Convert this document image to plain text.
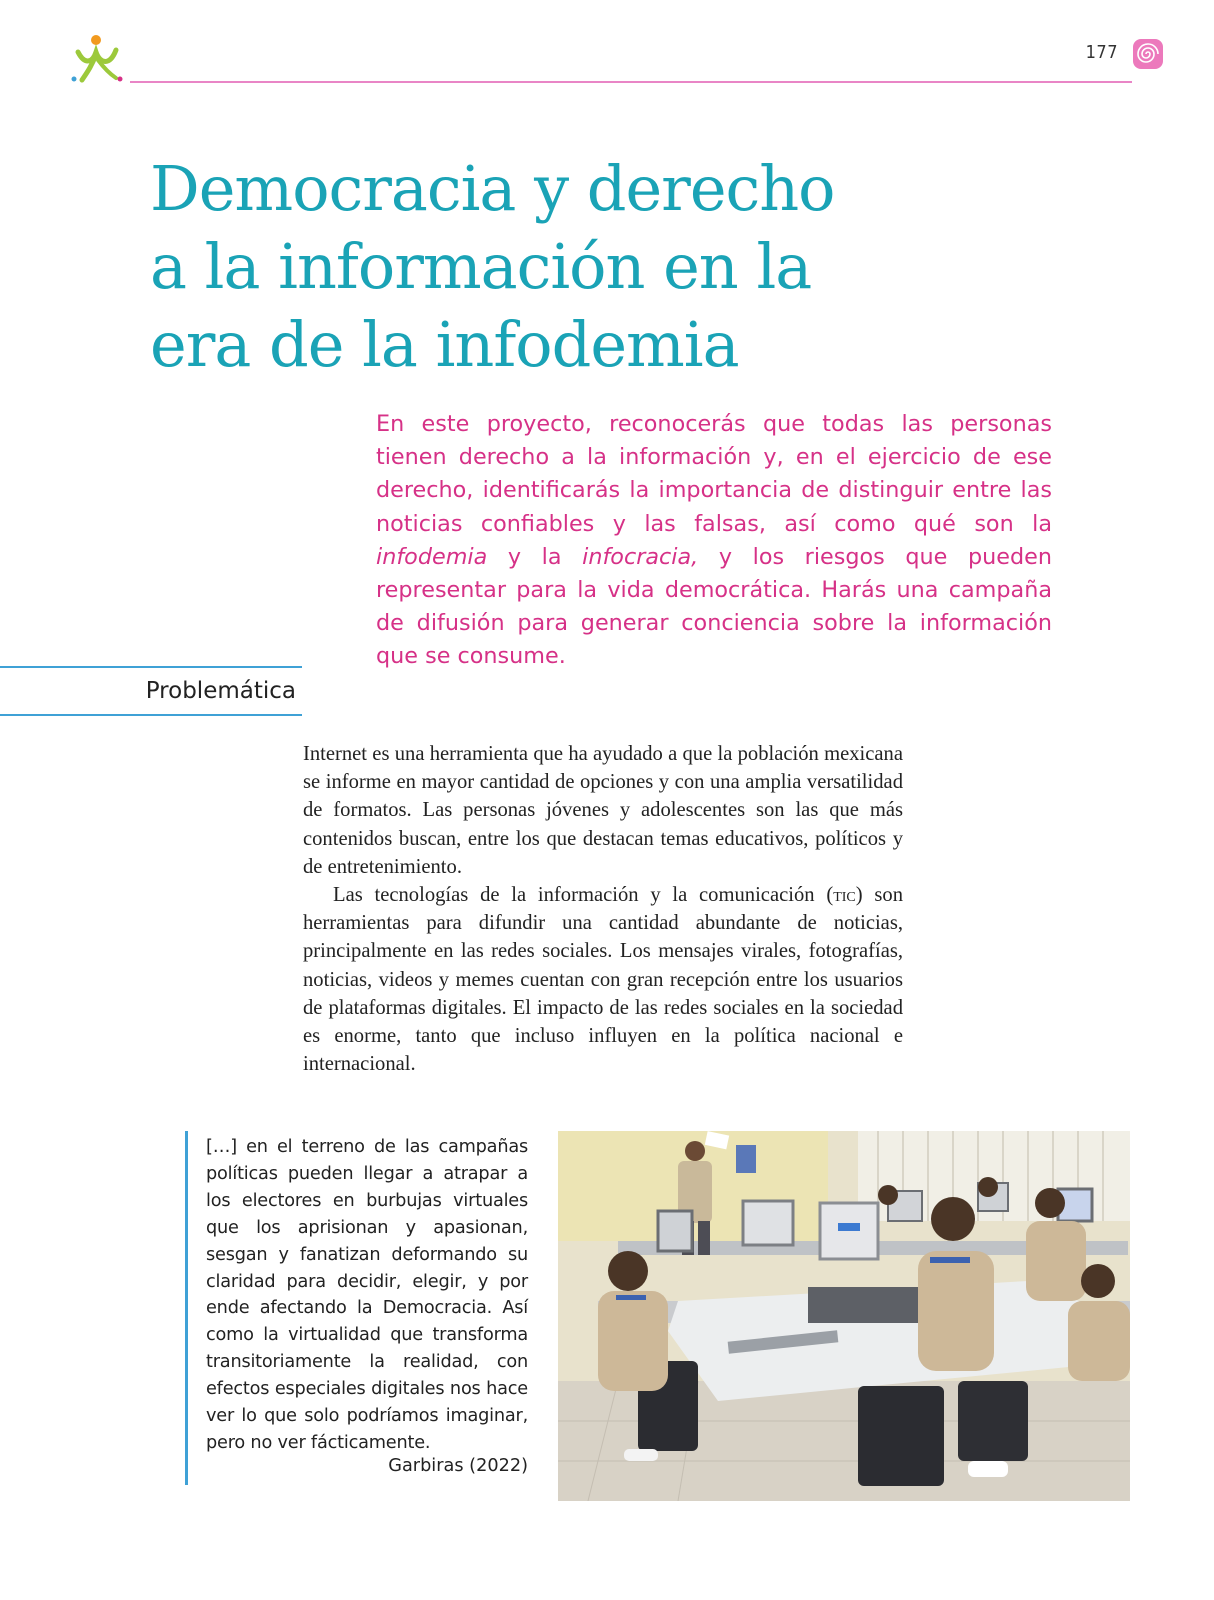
177
Democracia y derecho
a la información en la
era de la infodemia

En este proyecto, reconocerás que todas las personas tienen derecho a la información y, en el ejercicio de ese derecho, identificarás la importancia de distinguir entre las noticias confiables y las falsas, así como qué son la infodemia y la infocracia, y los riesgos que pueden representar para la vida democrática. Harás una campaña de difusión para generar conciencia sobre la información que se consume.

Problemática

Internet es una herramienta que ha ayudado a que la población mexicana se informe en mayor cantidad de opciones y con una amplia versatilidad de formatos. Las personas jóvenes y adolescentes son las que más contenidos buscan, entre los que destacan temas educativos, políticos y de entretenimiento.

Las tecnologías de la información y la comunicación (tic) son herramientas para difundir una cantidad abundante de noticias, principalmente en las redes sociales. Los mensajes virales, fotografías, noticias, videos y memes cuentan con gran recepción entre los usuarios de plataformas digitales. El impacto de las redes sociales en la sociedad es enorme, tanto que incluso influyen en la política nacional e internacional.

[…] en el terreno de las campañas políticas pueden llegar a atrapar a los electores en burbujas virtuales que los aprisionan y apasionan, sesgan y fanatizan deformando su claridad para decidir, elegir, y por ende afectando la Democracia. Así como la virtualidad que transforma transitoriamente la realidad, con efectos especiales digitales nos hace ver lo que solo podríamos imaginar, pero no ver fácticamente.

Garbiras (2022)
